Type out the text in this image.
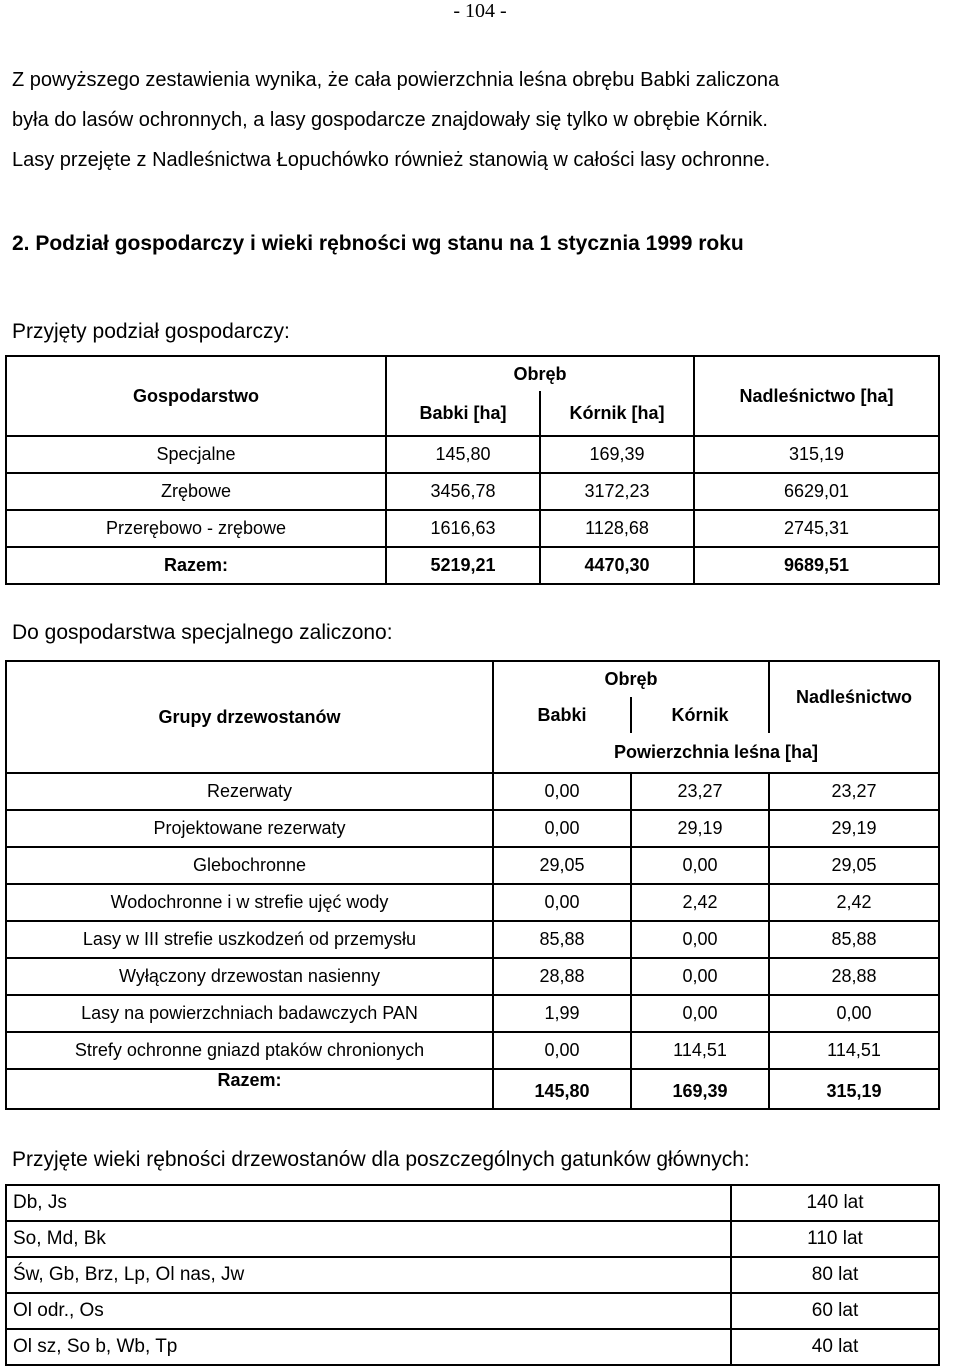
- 104 -
Z powyższego zestawienia wynika, że cała powierzchnia leśna obrębu Babki zaliczona
była do lasów ochronnych, a lasy gospodarcze znajdowały się tylko w obrębie Kórnik.
Lasy przejęte z Nadleśnictwa Łopuchówko również stanowią w całości lasy ochronne.
2. Podział gospodarczy i wieki rębności wg stanu na 1 stycznia 1999 roku
Przyjęty podział gospodarczy:
Gospodarstwo	Obręb		Nadleśnictwo [ha]
	Babki [ha]	Kórnik [ha]	
Specjalne	145,80	169,39	315,19
Zrębowe	3456,78	3172,23	6629,01
Przerębowo - zrębowe	1616,63	1128,68	2745,31
Razem:	5219,21	4470,30	9689,51
Do gospodarstwa specjalnego zaliczono:
Grupy drzewostanów	Obręb		Nadleśnictwo
	Babki	Kórnik	
	Powierzchnia leśna [ha]		
Rezerwaty	0,00	23,27	23,27
Projektowane rezerwaty	0,00	29,19	29,19
Glebochronne	29,05	0,00	29,05
Wodochronne i w strefie ujęć wody	0,00	2,42	2,42
Lasy w III strefie uszkodzeń od przemysłu	85,88	0,00	85,88
Wyłączony drzewostan nasienny	28,88	0,00	28,88
Lasy na powierzchniach badawczych PAN	1,99	0,00	0,00
Strefy ochronne gniazd ptaków chronionych	0,00	114,51	114,51
Razem:	145,80	169,39	315,19
Przyjęte wieki rębności drzewostanów dla poszczególnych gatunków głównych:
Db, Js	140 lat
So, Md, Bk	110 lat
Św, Gb, Brz, Lp, Ol nas, Jw	80 lat
Ol odr., Os	60 lat
Ol sz, So b, Wb, Tp	40 lat
